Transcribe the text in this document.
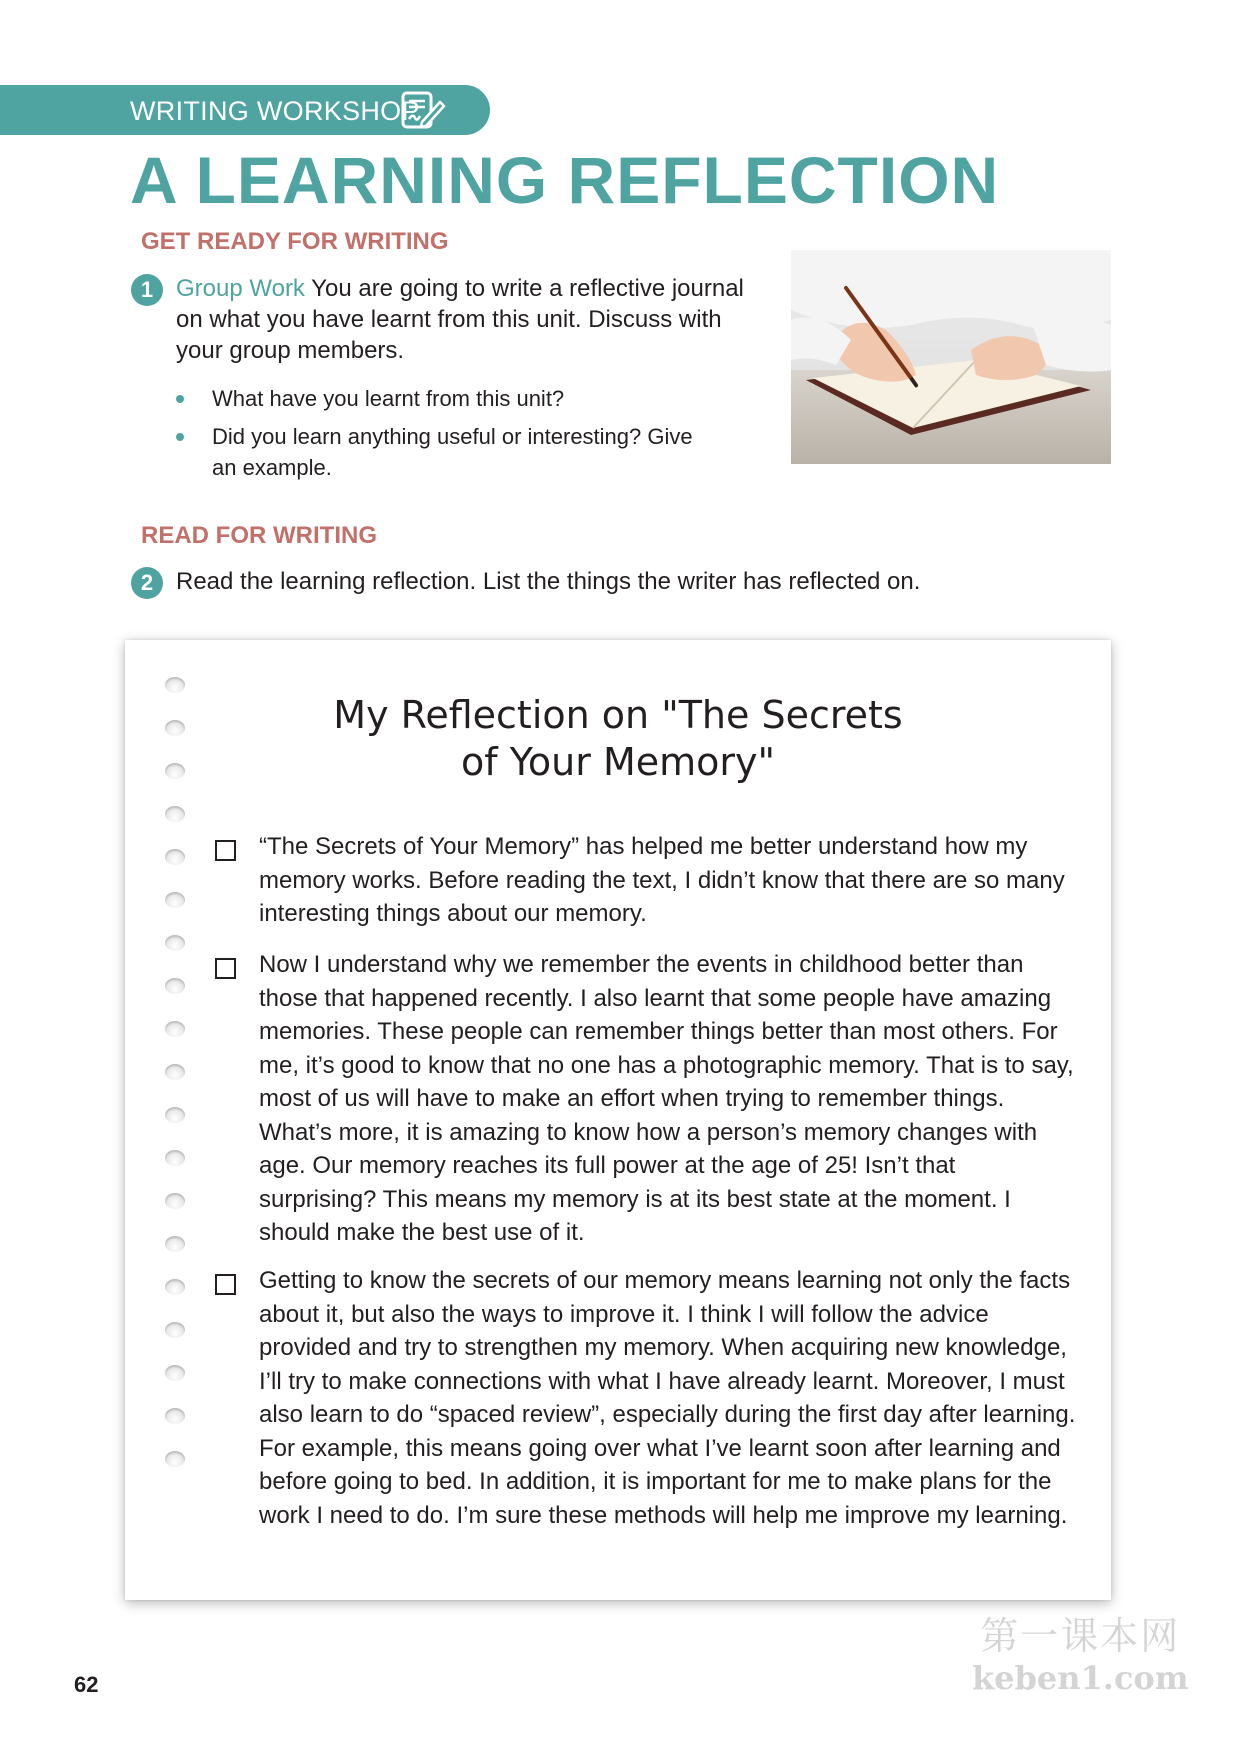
WRITING WORKSHOP
A LEARNING REFLECTION
GET READY FOR WRITING
1 Group Work You are going to write a reflective journal
on what you have learnt from this unit. Discuss with
your group members.
What have you learnt from this unit?
Did you learn anything useful or interesting? Give an example.
READ FOR WRITING
2 Read the learning reflection. List the things the writer has reflected on.
My Reflection on "The Secrets
of Your Memory"
“The Secrets of Your Memory” has helped me better understand how my memory works. Before reading the text, I didn’t know that there are so many interesting things about our memory.
Now I understand why we remember the events in childhood better than those that happened recently. I also learnt that some people have amazing memories. These people can remember things better than most others. For me, it’s good to know that no one has a photographic memory. That is to say, most of us will have to make an effort when trying to remember things. What’s more, it is amazing to know how a person’s memory changes with age. Our memory reaches its full power at the age of 25! Isn’t that surprising? This means my memory is at its best state at the moment. I should make the best use of it.
Getting to know the secrets of our memory means learning not only the facts about it, but also the ways to improve it. I think I will follow the advice provided and try to strengthen my memory. When acquiring new knowledge, I’ll try to make connections with what I have already learnt. Moreover, I must also learn to do “spaced review”, especially during the first day after learning. For example, this means going over what I’ve learnt soon after learning and before going to bed. In addition, it is important for me to make plans for the work I need to do. I’m sure these methods will help me improve my learning.
62
第一课本网
keben1.com
